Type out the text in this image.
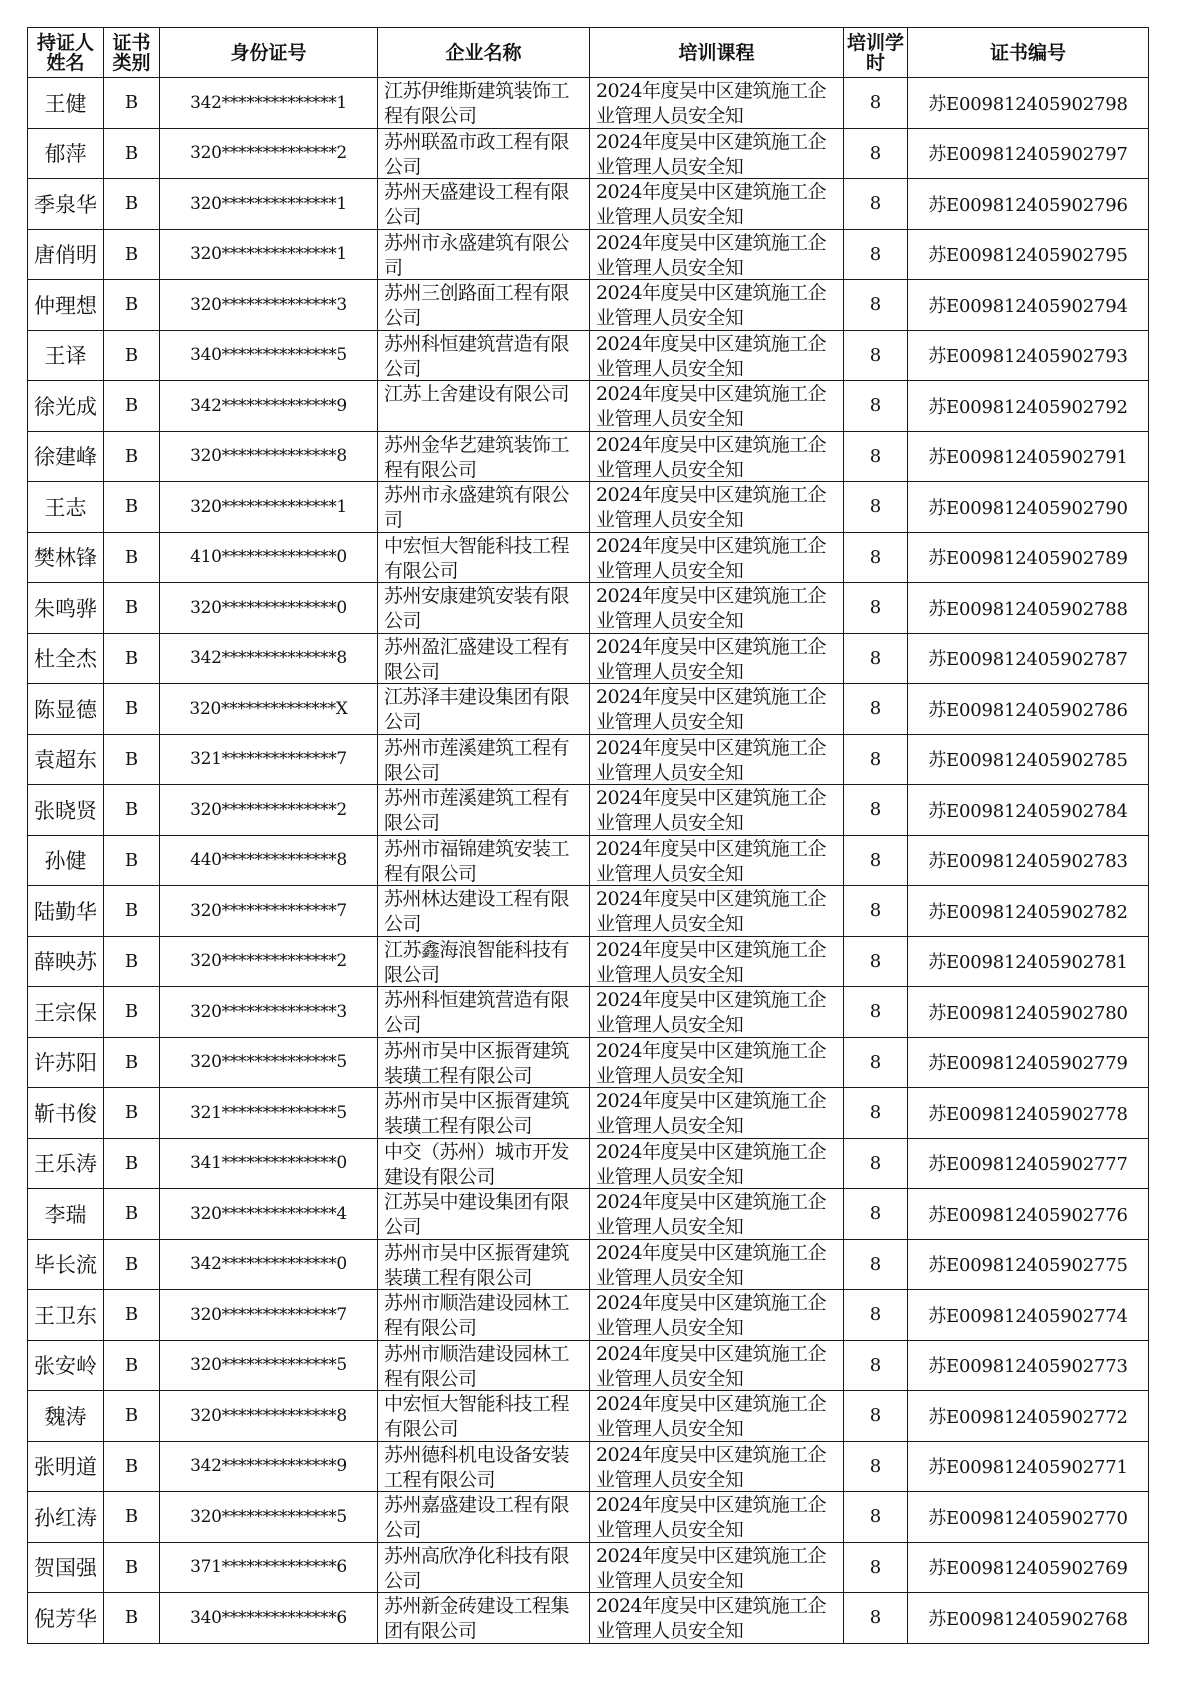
持证人姓名	证书类别	身份证号	企业名称	培训课程	培训学时	证书编号
王健	B	342**************1	江苏伊维斯建筑装饰工程有限公司	2024年度吴中区建筑施工企业管理人员安全知	8	苏E009812405902798
郁萍	B	320**************2	苏州联盈市政工程有限公司	2024年度吴中区建筑施工企业管理人员安全知	8	苏E009812405902797
季泉华	B	320**************1	苏州天盛建设工程有限公司	2024年度吴中区建筑施工企业管理人员安全知	8	苏E009812405902796
唐俏明	B	320**************1	苏州市永盛建筑有限公司	2024年度吴中区建筑施工企业管理人员安全知	8	苏E009812405902795
仲理想	B	320**************3	苏州三创路面工程有限公司	2024年度吴中区建筑施工企业管理人员安全知	8	苏E009812405902794
王译	B	340**************5	苏州科恒建筑营造有限公司	2024年度吴中区建筑施工企业管理人员安全知	8	苏E009812405902793
徐光成	B	342**************9	江苏上舍建设有限公司	2024年度吴中区建筑施工企业管理人员安全知	8	苏E009812405902792
徐建峰	B	320**************8	苏州金华艺建筑装饰工程有限公司	2024年度吴中区建筑施工企业管理人员安全知	8	苏E009812405902791
王志	B	320**************1	苏州市永盛建筑有限公司	2024年度吴中区建筑施工企业管理人员安全知	8	苏E009812405902790
樊林锋	B	410**************0	中宏恒大智能科技工程有限公司	2024年度吴中区建筑施工企业管理人员安全知	8	苏E009812405902789
朱鸣骅	B	320**************0	苏州安康建筑安装有限公司	2024年度吴中区建筑施工企业管理人员安全知	8	苏E009812405902788
杜全杰	B	342**************8	苏州盈汇盛建设工程有限公司	2024年度吴中区建筑施工企业管理人员安全知	8	苏E009812405902787
陈显德	B	320**************X	江苏泽丰建设集团有限公司	2024年度吴中区建筑施工企业管理人员安全知	8	苏E009812405902786
袁超东	B	321**************7	苏州市莲溪建筑工程有限公司	2024年度吴中区建筑施工企业管理人员安全知	8	苏E009812405902785
张晓贤	B	320**************2	苏州市莲溪建筑工程有限公司	2024年度吴中区建筑施工企业管理人员安全知	8	苏E009812405902784
孙健	B	440**************8	苏州市福锦建筑安装工程有限公司	2024年度吴中区建筑施工企业管理人员安全知	8	苏E009812405902783
陆勤华	B	320**************7	苏州林达建设工程有限公司	2024年度吴中区建筑施工企业管理人员安全知	8	苏E009812405902782
薛映苏	B	320**************2	江苏鑫海浪智能科技有限公司	2024年度吴中区建筑施工企业管理人员安全知	8	苏E009812405902781
王宗保	B	320**************3	苏州科恒建筑营造有限公司	2024年度吴中区建筑施工企业管理人员安全知	8	苏E009812405902780
许苏阳	B	320**************5	苏州市吴中区振胥建筑装璜工程有限公司	2024年度吴中区建筑施工企业管理人员安全知	8	苏E009812405902779
靳书俊	B	321**************5	苏州市吴中区振胥建筑装璜工程有限公司	2024年度吴中区建筑施工企业管理人员安全知	8	苏E009812405902778
王乐涛	B	341**************0	中交（苏州）城市开发建设有限公司	2024年度吴中区建筑施工企业管理人员安全知	8	苏E009812405902777
李瑞	B	320**************4	江苏吴中建设集团有限公司	2024年度吴中区建筑施工企业管理人员安全知	8	苏E009812405902776
毕长流	B	342**************0	苏州市吴中区振胥建筑装璜工程有限公司	2024年度吴中区建筑施工企业管理人员安全知	8	苏E009812405902775
王卫东	B	320**************7	苏州市顺浩建设园林工程有限公司	2024年度吴中区建筑施工企业管理人员安全知	8	苏E009812405902774
张安岭	B	320**************5	苏州市顺浩建设园林工程有限公司	2024年度吴中区建筑施工企业管理人员安全知	8	苏E009812405902773
魏涛	B	320**************8	中宏恒大智能科技工程有限公司	2024年度吴中区建筑施工企业管理人员安全知	8	苏E009812405902772
张明道	B	342**************9	苏州德科机电设备安装工程有限公司	2024年度吴中区建筑施工企业管理人员安全知	8	苏E009812405902771
孙红涛	B	320**************5	苏州嘉盛建设工程有限公司	2024年度吴中区建筑施工企业管理人员安全知	8	苏E009812405902770
贺国强	B	371**************6	苏州高欣净化科技有限公司	2024年度吴中区建筑施工企业管理人员安全知	8	苏E009812405902769
倪芳华	B	340**************6	苏州新金砖建设工程集团有限公司	2024年度吴中区建筑施工企业管理人员安全知	8	苏E009812405902768
